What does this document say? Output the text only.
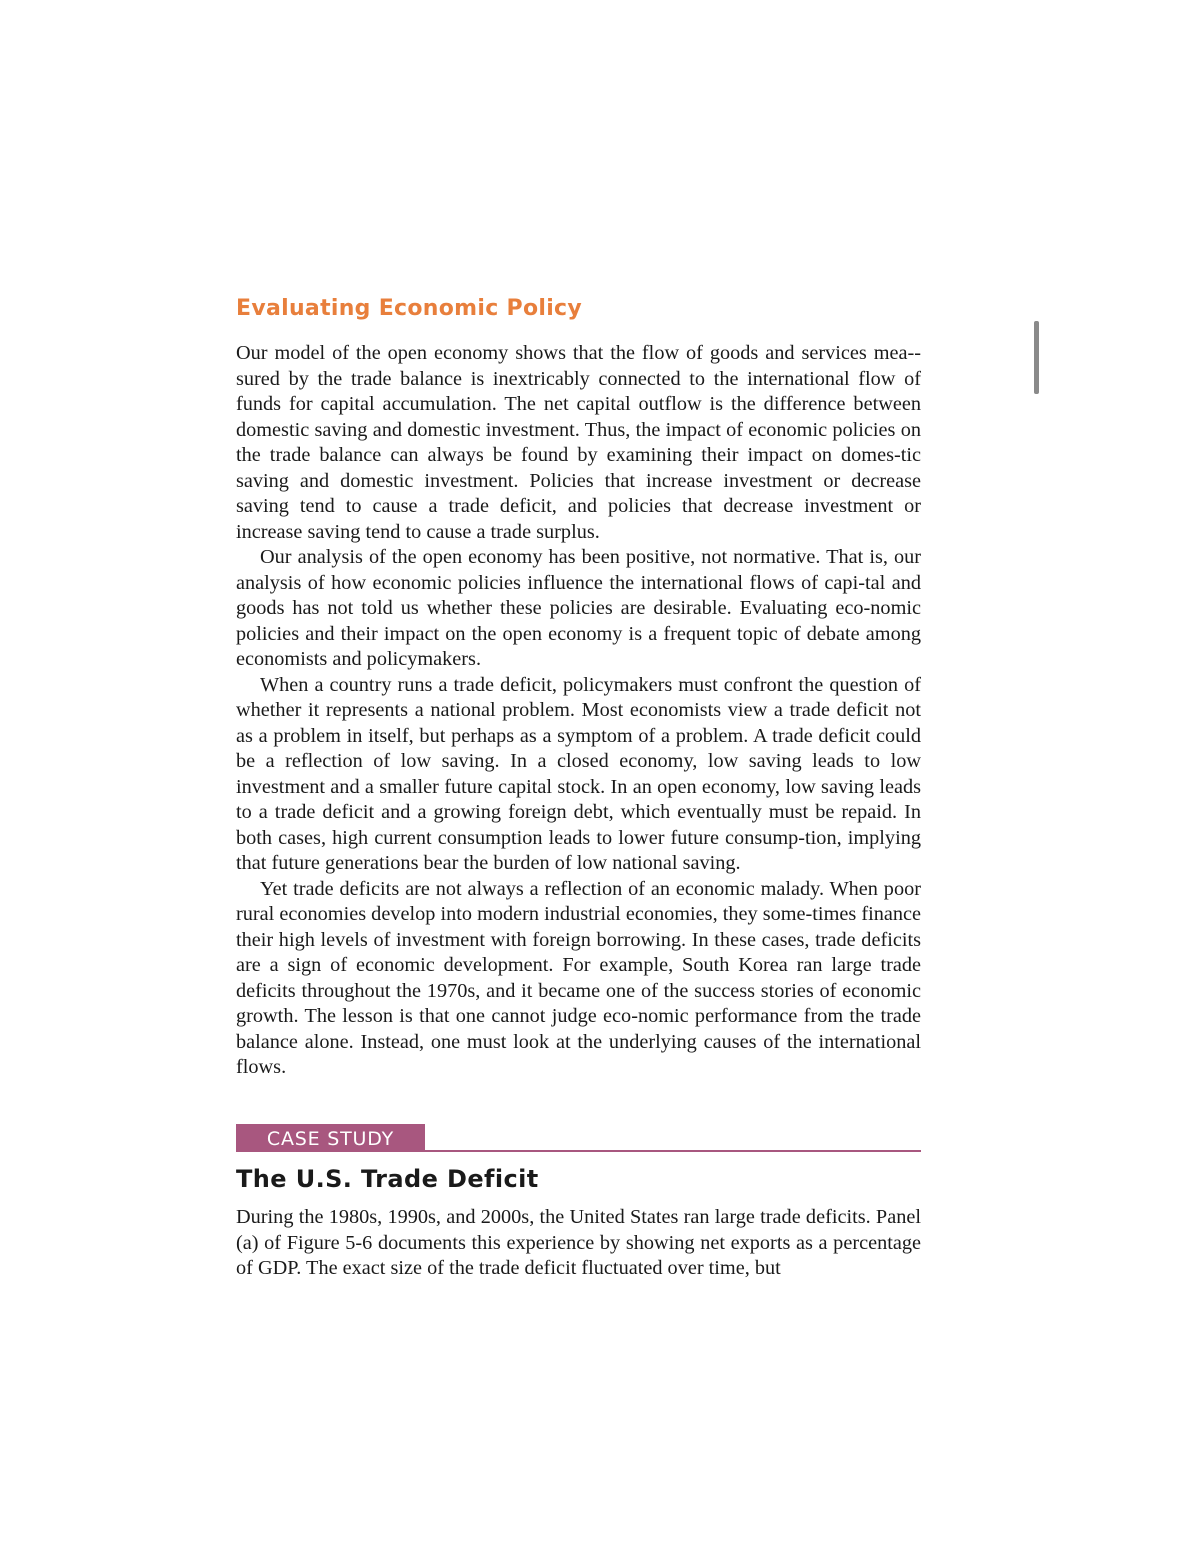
Evaluating Economic Policy

Our model of the open economy shows that the flow of goods and services mea-sured by the trade balance is inextricably connected to the international flow of funds for capital accumulation. The net capital outflow is the difference between domestic saving and domestic investment. Thus, the impact of economic policies on the trade balance can always be found by examining their impact on domes-tic saving and domestic investment. Policies that increase investment or decrease saving tend to cause a trade deficit, and policies that decrease investment or increase saving tend to cause a trade surplus.

Our analysis of the open economy has been positive, not normative. That is, our analysis of how economic policies influence the international flows of capi-tal and goods has not told us whether these policies are desirable. Evaluating eco-nomic policies and their impact on the open economy is a frequent topic of debate among economists and policymakers.

When a country runs a trade deficit, policymakers must confront the question of whether it represents a national problem. Most economists view a trade deficit not as a problem in itself, but perhaps as a symptom of a problem. A trade deficit could be a reflection of low saving. In a closed economy, low saving leads to low investment and a smaller future capital stock. In an open economy, low saving leads to a trade deficit and a growing foreign debt, which eventually must be repaid. In both cases, high current consumption leads to lower future consump-tion, implying that future generations bear the burden of low national saving.

Yet trade deficits are not always a reflection of an economic malady. When poor rural economies develop into modern industrial economies, they some-times finance their high levels of investment with foreign borrowing. In these cases, trade deficits are a sign of economic development. For example, South Korea ran large trade deficits throughout the 1970s, and it became one of the success stories of economic growth. The lesson is that one cannot judge eco-nomic performance from the trade balance alone. Instead, one must look at the underlying causes of the international flows.

CASE STUDY
The U.S. Trade Deficit

During the 1980s, 1990s, and 2000s, the United States ran large trade deficits. Panel (a) of Figure 5-6 documents this experience by showing net exports as a percentage of GDP. The exact size of the trade deficit fluctuated over time, but
